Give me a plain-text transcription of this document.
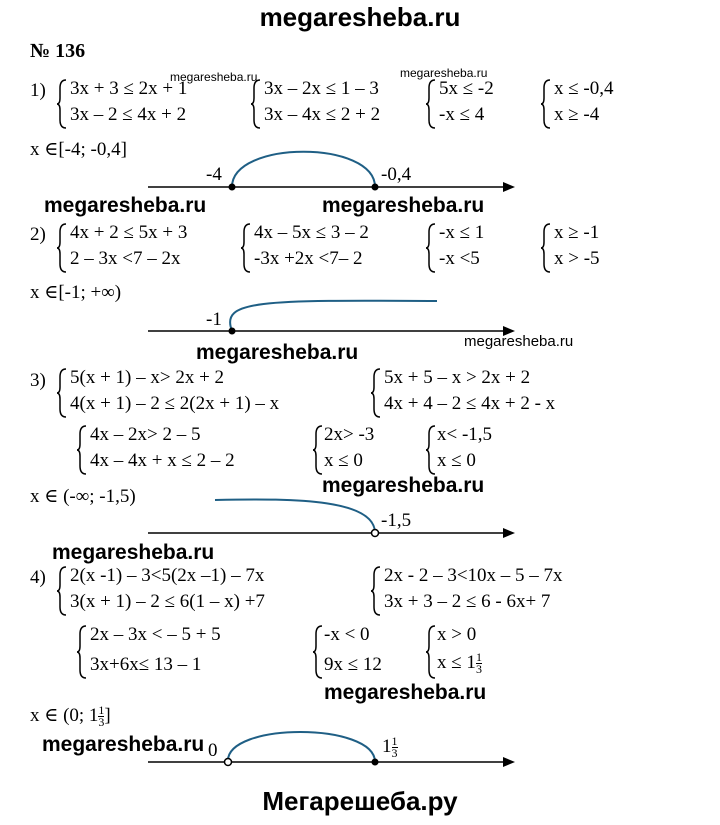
megaresheba.ru
Мегарешеба.ру
№ 136
1) 3x + 3 ≤ 2x + 1
3x – 2 ≤ 4x + 2
megaresheba.ru
3x – 2x ≤ 1 – 3
3x – 4x ≤ 2 + 2
megaresheba.ru
5x ≤ -2
-x ≤ 4
x ≤ -0,4
x ≥ -4
x ∈[-4; -0,4]
-4	-0,4
megaresheba.ru	megaresheba.ru
2) 4x + 2 ≤ 5x + 3
2 – 3x <7 – 2x
4x – 5x ≤ 3 – 2
-3x +2x <7– 2
-x ≤ 1
-x <5
x ≥ -1
x > -5
x ∈[-1; +∞)
-1
megaresheba.ru
megaresheba.ru
3) 5(x + 1) – x> 2x + 2
4(x + 1) – 2 ≤ 2(2x + 1) – x
5x + 5 – x > 2x + 2
4x + 4 – 2 ≤ 4x + 2 - x
4x – 2x> 2 – 5
4x – 4x + x ≤ 2 – 2
2x> -3
x ≤ 0
x< -1,5
x ≤ 0
x ∈ (-∞; -1,5)	megaresheba.ru
-1,5
megaresheba.ru
4) 2(x -1) – 3<5(2x –1) – 7x
3(x + 1) – 2 ≤ 6(1 – x) +7
2x - 2 – 3<10x – 5 – 7x
3x + 3 – 2 ≤ 6 - 6x+ 7
2x – 3x < – 5 + 5
3x+6x≤ 13 – 1
-x < 0
9x ≤ 12
x > 0
$x \le 1 \frac{1}{3}$
megaresheba.ru
x ∈ (0; $1 \frac{1}{3}$ ]
megaresheba.ru 0	$1 \frac{1}{3}$
